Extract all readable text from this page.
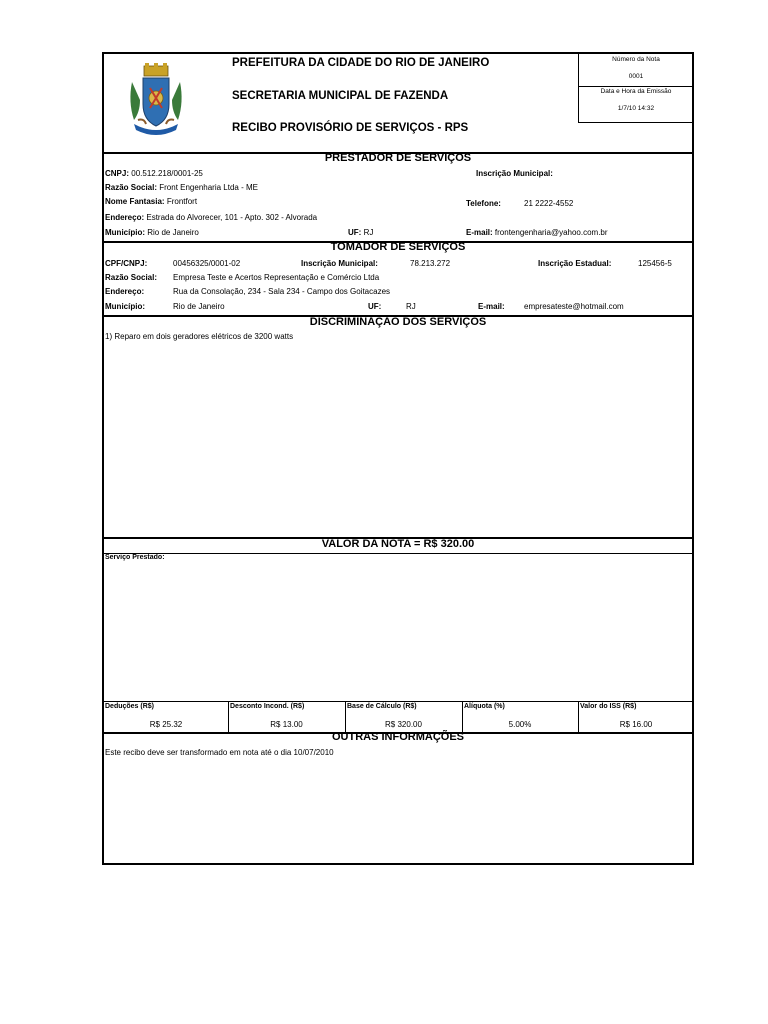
PREFEITURA DA CIDADE DO RIO DE JANEIRO
SECRETARIA MUNICIPAL DE FAZENDA
RECIBO PROVISÓRIO DE SERVIÇOS - RPS
Número da Nota
0001
Data e Hora da Emissão
1/7/10 14:32
PRESTADOR DE SERVIÇOS
CNPJ: 00.512.218/0001-25	Inscrição Municipal:
Razão Social: Front Engenharia Ltda - ME
Nome Fantasia: Frontfort	Telefone:	21 2222-4552
Endereço: Estrada do Alvorecer, 101 - Apto. 302 - Alvorada
Município: Rio de Janeiro	UF: RJ	E-mail: frontengenharia@yahoo.com.br
TOMADOR DE SERVIÇOS
CPF/CNPJ:	00456325/0001-02	Inscrição Municipal:	78.213.272	Inscrição Estadual:	125456-5
Razão Social: Empresa Teste e Acertos Representação e Comércio Ltda
Endereço:	Rua da Consolação, 234 - Sala 234 - Campo dos Goitacazes
Município:	Rio de Janeiro	UF:	RJ	E-mail: empresateste@hotmail.com
DISCRIMINAÇÃO DOS SERVIÇOS
1) Reparo em dois geradores elétricos de 3200 watts
VALOR DA NOTA = R$ 320.00
Serviço Prestado:
Deduções (R$)	Desconto Incond. (R$)	Base de Cálculo (R$)	Alíquota (%)	Valor do ISS (R$)
R$ 25.32	R$ 13.00	R$ 320.00	5.00%	R$ 16.00
OUTRAS INFORMAÇÕES
Este recibo deve ser transformado em nota até o dia 10/07/2010
